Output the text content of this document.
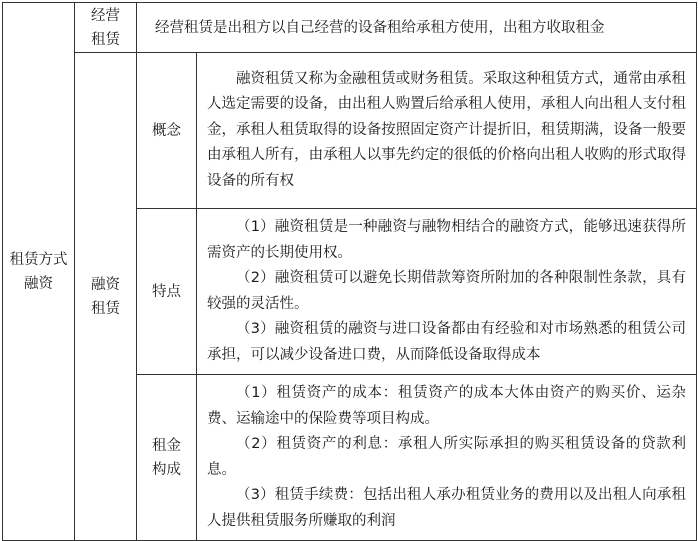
租赁方式融资	经营租赁	经营租赁是出租方以自己经营的设备租给承租方使用，出租方收取租金	

	融资租赁	概念	融资租赁又称为金融租赁或财务租赁。采取这种租赁方式，通常由承租人选定需要的设备，由出租人购置后给承租人使用，承租人向出租人支付租金，承租人租赁取得的设备按照固定资产计提折旧，租赁期满，设备一般要由承租人所有，由承租人以事先约定的很低的价格向出租人收购的形式取得设备的所有权

		特点	（1）融资租赁是一种融资与融物相结合的融资方式，能够迅速获得所需资产的长期使用权。

（2）融资租赁可以避免长期借款筹资所附加的各种限制性条款，具有较强的灵活性。

（3）融资租赁的融资与进口设备都由有经验和对市场熟悉的租赁公司承担，可以减少设备进口费，从而降低设备取得成本

		租金构成	（1）租赁资产的成本：租赁资产的成本大体由资产的购买价、运杂费、运输途中的保险费等项目构成。

（2）租赁资产的利息：承租人所实际承担的购买租赁设备的贷款利息。

（3）租赁手续费：包括出租人承办租赁业务的费用以及出租人向承租人提供租赁服务所赚取的利润
